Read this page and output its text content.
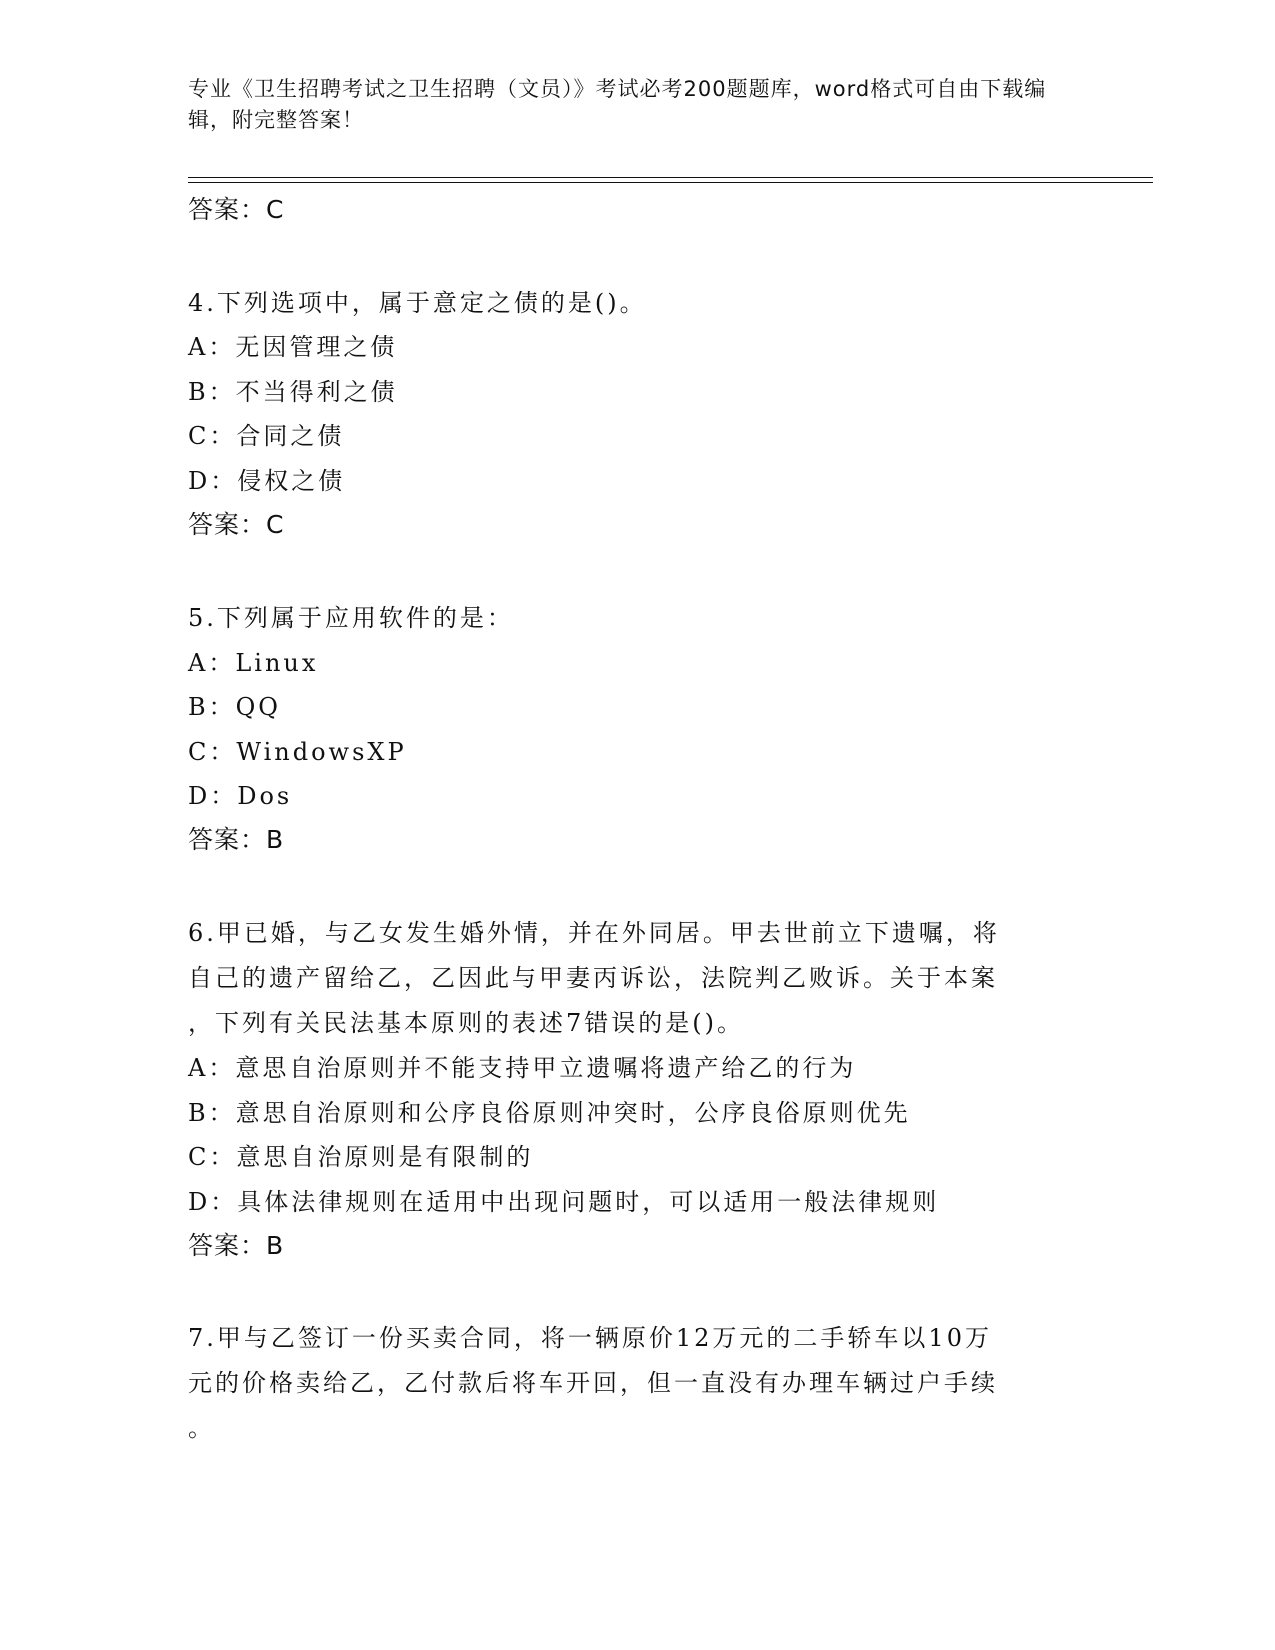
专业《卫生招聘考试之卫生招聘（文员）》考试必考200题题库，word格式可自由下载编辑，附完整答案！
答案：C
4.下列选项中，属于意定之债的是()。
A：无因管理之债
B：不当得利之债
C：合同之债
D：侵权之债
答案：C
5.下列属于应用软件的是：
A：Linux
B：QQ
C：WindowsXP
D：Dos
答案：B
6.甲已婚，与乙女发生婚外情，并在外同居。甲去世前立下遗嘱，将
自己的遗产留给乙，乙因此与甲妻丙诉讼，法院判乙败诉。关于本案
，下列有关民法基本原则的表述7错误的是()。
A：意思自治原则并不能支持甲立遗嘱将遗产给乙的行为
B：意思自治原则和公序良俗原则冲突时，公序良俗原则优先
C：意思自治原则是有限制的
D：具体法律规则在适用中出现问题时，可以适用一般法律规则
答案：B
7.甲与乙签订一份买卖合同，将一辆原价12万元的二手轿车以10万
元的价格卖给乙，乙付款后将车开回，但一直没有办理车辆过户手续
。
